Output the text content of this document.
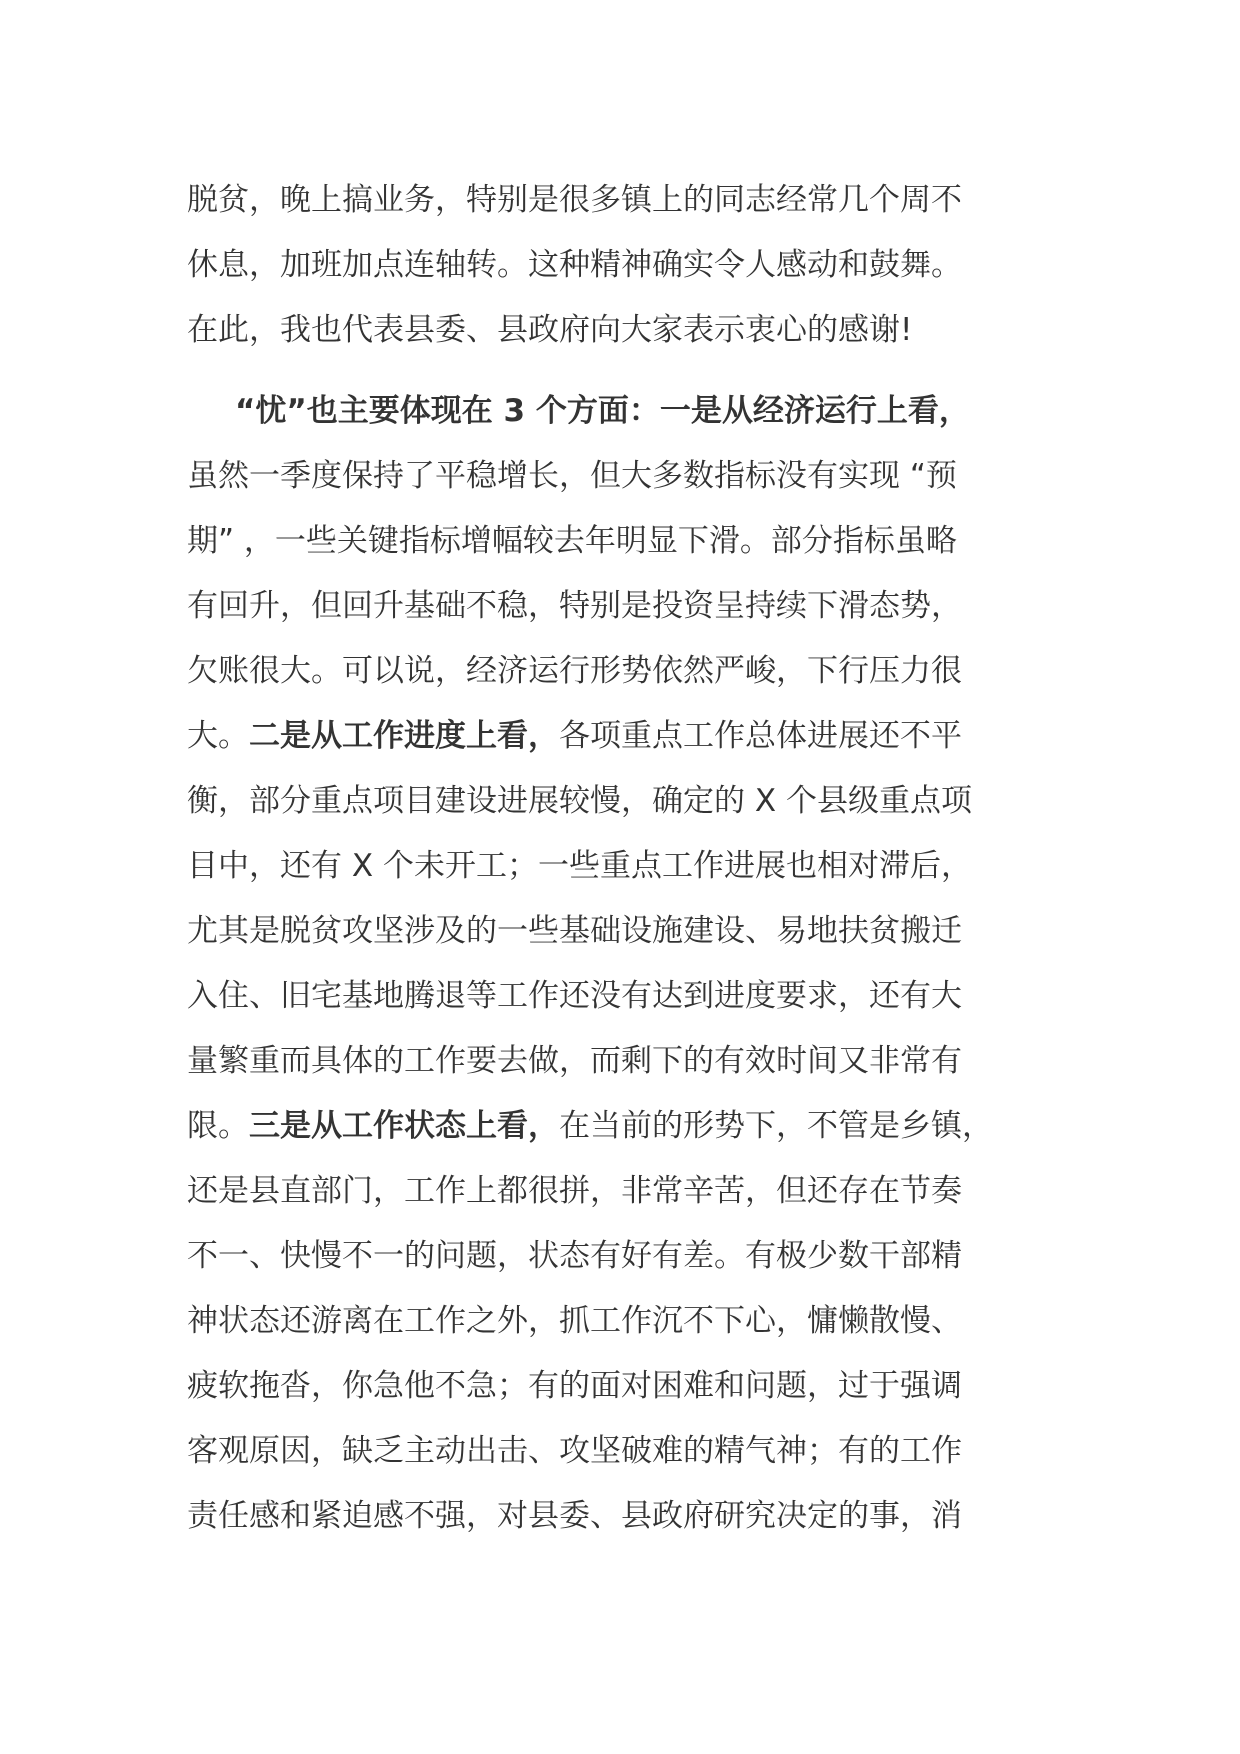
脱贫，晚上搞业务，特别是很多镇上的同志经常几个周不
休息，加班加点连轴转。这种精神确实令人感动和鼓舞。
在此，我也代表县委、县政府向大家表示衷心的感谢!
“忧”也主要体现在 3 个方面：一是从经济运行上看，
虽然一季度保持了平稳增长，但大多数指标没有实现 “预
期” ，一些关键指标增幅较去年明显下滑。部分指标虽略
有回升，但回升基础不稳，特别是投资呈持续下滑态势，
欠账很大。可以说，经济运行形势依然严峻，下行压力很
大。二是从工作进度上看，各项重点工作总体进展还不平
衡，部分重点项目建设进展较慢，确定的 X 个县级重点项
目中，还有 X 个未开工；一些重点工作进展也相对滞后，
尤其是脱贫攻坚涉及的一些基础设施建设、易地扶贫搬迁
入住、旧宅基地腾退等工作还没有达到进度要求，还有大
量繁重而具体的工作要去做，而剩下的有效时间又非常有
限。三是从工作状态上看，在当前的形势下，不管是乡镇，
还是县直部门，工作上都很拼，非常辛苦，但还存在节奏
不一、快慢不一的问题，状态有好有差。有极少数干部精
神状态还游离在工作之外，抓工作沉不下心，慵懒散慢、
疲软拖沓，你急他不急；有的面对困难和问题，过于强调
客观原因，缺乏主动出击、攻坚破难的精气神；有的工作
责任感和紧迫感不强，对县委、县政府研究决定的事，消
